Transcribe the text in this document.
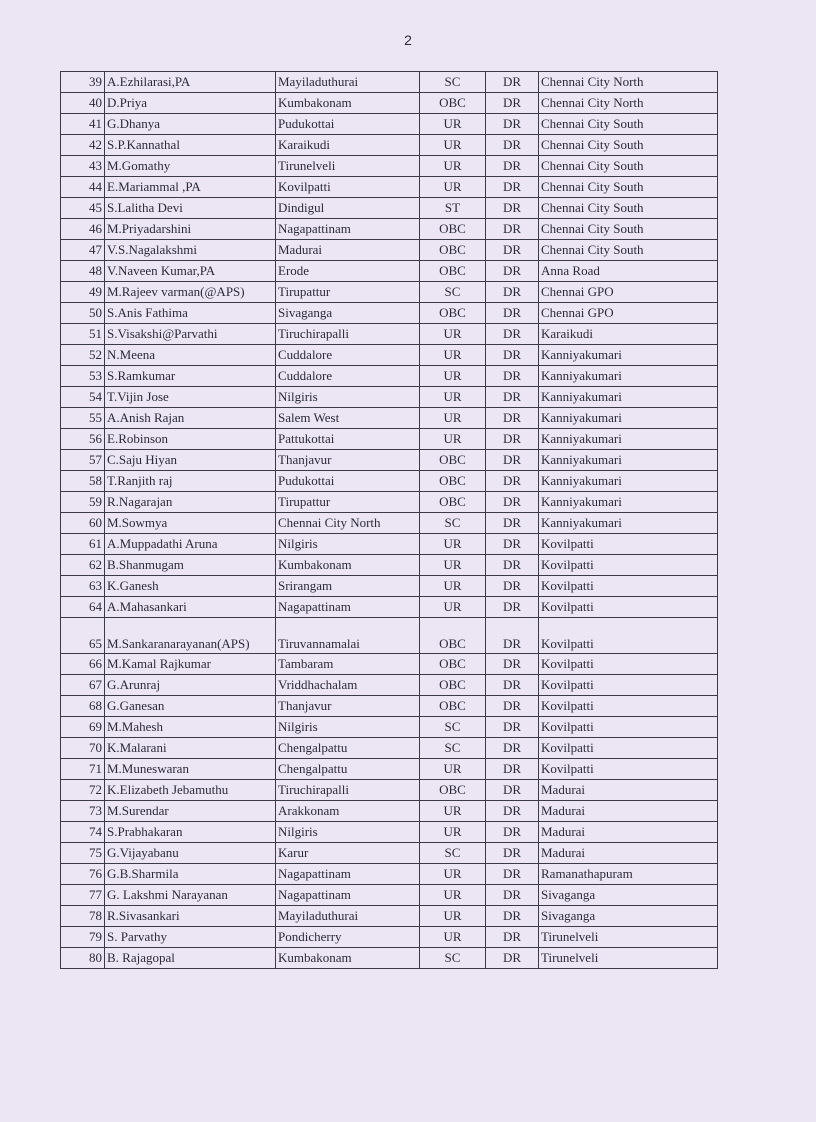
2
39	A.Ezhilarasi,PA	Mayiladuthurai	SC	DR	Chennai City North
40	D.Priya	Kumbakonam	OBC	DR	Chennai City North
41	G.Dhanya	Pudukottai	UR	DR	Chennai City South
42	S.P.Kannathal	Karaikudi	UR	DR	Chennai City South
43	M.Gomathy	Tirunelveli	UR	DR	Chennai City South
44	E.Mariammal ,PA	Kovilpatti	UR	DR	Chennai City South
45	S.Lalitha Devi	Dindigul	ST	DR	Chennai City South
46	M.Priyadarshini	Nagapattinam	OBC	DR	Chennai City South
47	V.S.Nagalakshmi	Madurai	OBC	DR	Chennai City South
48	V.Naveen Kumar,PA	Erode	OBC	DR	Anna Road
49	M.Rajeev varman(@APS)	Tirupattur	SC	DR	Chennai GPO
50	S.Anis Fathima	Sivaganga	OBC	DR	Chennai GPO
51	S.Visakshi@Parvathi	Tiruchirapalli	UR	DR	Karaikudi
52	N.Meena	Cuddalore	UR	DR	Kanniyakumari
53	S.Ramkumar	Cuddalore	UR	DR	Kanniyakumari
54	T.Vijin Jose	Nilgiris	UR	DR	Kanniyakumari
55	A.Anish Rajan	Salem West	UR	DR	Kanniyakumari
56	E.Robinson	Pattukottai	UR	DR	Kanniyakumari
57	C.Saju Hiyan	Thanjavur	OBC	DR	Kanniyakumari
58	T.Ranjith raj	Pudukottai	OBC	DR	Kanniyakumari
59	R.Nagarajan	Tirupattur	OBC	DR	Kanniyakumari
60	M.Sowmya	Chennai City North	SC	DR	Kanniyakumari
61	A.Muppadathi Aruna	Nilgiris	UR	DR	Kovilpatti
62	B.Shanmugam	Kumbakonam	UR	DR	Kovilpatti
63	K.Ganesh	Srirangam	UR	DR	Kovilpatti
64	A.Mahasankari	Nagapattinam	UR	DR	Kovilpatti
65	M.Sankaranarayanan(APS)	Tiruvannamalai	OBC	DR	Kovilpatti
66	M.Kamal Rajkumar	Tambaram	OBC	DR	Kovilpatti
67	G.Arunraj	Vriddhachalam	OBC	DR	Kovilpatti
68	G.Ganesan	Thanjavur	OBC	DR	Kovilpatti
69	M.Mahesh	Nilgiris	SC	DR	Kovilpatti
70	K.Malarani	Chengalpattu	SC	DR	Kovilpatti
71	M.Muneswaran	Chengalpattu	UR	DR	Kovilpatti
72	K.Elizabeth Jebamuthu	Tiruchirapalli	OBC	DR	Madurai
73	M.Surendar	Arakkonam	UR	DR	Madurai
74	S.Prabhakaran	Nilgiris	UR	DR	Madurai
75	G.Vijayabanu	Karur	SC	DR	Madurai
76	G.B.Sharmila	Nagapattinam	UR	DR	Ramanathapuram
77	G. Lakshmi Narayanan	Nagapattinam	UR	DR	Sivaganga
78	R.Sivasankari	Mayiladuthurai	UR	DR	Sivaganga
79	S. Parvathy	Pondicherry	UR	DR	Tirunelveli
80	B. Rajagopal	Kumbakonam	SC	DR	Tirunelveli
